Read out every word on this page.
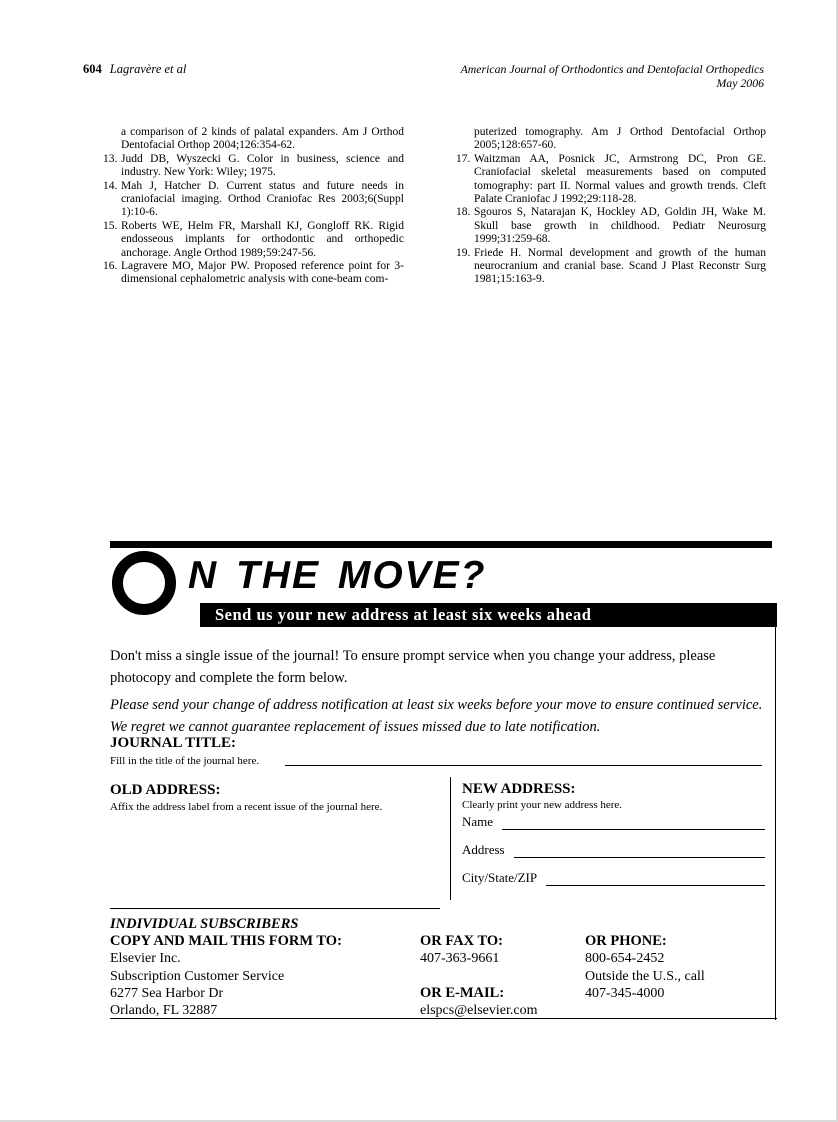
604 Lagravère et al	American Journal of Orthodontics and Dentofacial Orthopedics
May 2006
a comparison of 2 kinds of palatal expanders. Am J Orthod Dentofacial Orthop 2004;126:354-62.
13. Judd DB, Wyszecki G. Color in business, science and industry. New York: Wiley; 1975.
14. Mah J, Hatcher D. Current status and future needs in craniofacial imaging. Orthod Craniofac Res 2003;6(Suppl 1):10-6.
15. Roberts WE, Helm FR, Marshall KJ, Gongloff RK. Rigid endosseous implants for orthodontic and orthopedic anchorage. Angle Orthod 1989;59:247-56.
16. Lagravere MO, Major PW. Proposed reference point for 3-dimensional cephalometric analysis with cone-beam com-
puterized tomography. Am J Orthod Dentofacial Orthop 2005;128:657-60.
17. Waitzman AA, Posnick JC, Armstrong DC, Pron GE. Craniofacial skeletal measurements based on computed tomography: part II. Normal values and growth trends. Cleft Palate Craniofac J 1992;29:118-28.
18. Sgouros S, Natarajan K, Hockley AD, Goldin JH, Wake M. Skull base growth in childhood. Pediatr Neurosurg 1999;31:259-68.
19. Friede H. Normal development and growth of the human neurocranium and cranial base. Scand J Plast Reconstr Surg 1981;15:163-9.
N THE MOVE?
Send us your new address at least six weeks ahead
Don't miss a single issue of the journal! To ensure prompt service when you change your address, please photocopy and complete the form below.
Please send your change of address notification at least six weeks before your move to ensure continued service. We regret we cannot guarantee replacement of issues missed due to late notification.
JOURNAL TITLE:
Fill in the title of the journal here.
OLD ADDRESS:
Affix the address label from a recent issue of the journal here.
NEW ADDRESS:
Clearly print your new address here.
Name
Address
City/State/ZIP
INDIVIDUAL SUBSCRIBERS
COPY AND MAIL THIS FORM TO:
Elsevier Inc.
Subscription Customer Service
6277 Sea Harbor Dr
Orlando, FL 32887
OR FAX TO:
407-363-9661
OR E-MAIL:
elspcs@elsevier.com
OR PHONE:
800-654-2452
Outside the U.S., call
407-345-4000
